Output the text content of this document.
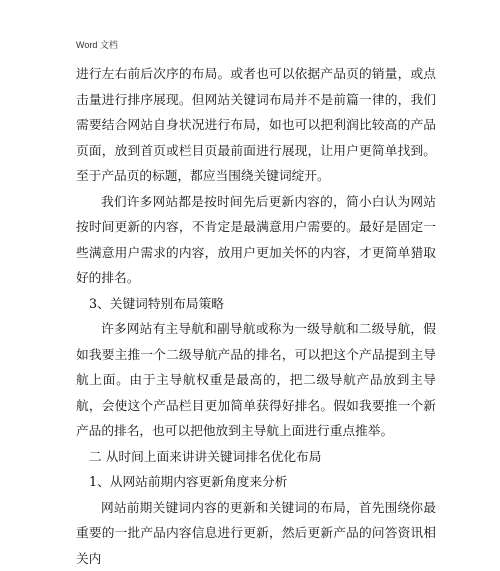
Word 文档

进行左右前后次序的布局。或者也可以依据产品页的销量，或点击量进行排序展现。但网站关键词布局并不是前篇一律的，我们需要结合网站自身状况进行布局，如也可以把利润比较高的产品页面，放到首页或栏目页最前面进行展现，让用户更简单找到。至于产品页的标题，都应当围绕关键词绽开。

我们许多网站都是按时间先后更新内容的，简小白认为网站按时间更新的内容，不肯定是最满意用户需要的。最好是固定一些满意用户需求的内容，放用户更加关怀的内容，才更简单猎取好的排名。

3、关键词特别布局策略

许多网站有主导航和副导航或称为一级导航和二级导航，假如我要主推一个二级导航产品的排名，可以把这个产品提到主导航上面。由于主导航权重是最高的，把二级导航产品放到主导航，会使这个产品栏目更加简单获得好排名。假如我要推一个新产品的排名，也可以把他放到主导航上面进行重点推举。

二 从时间上面来讲讲关键词排名优化布局

1、从网站前期内容更新角度来分析

网站前期关键词内容的更新和关键词的布局，首先围绕你最重要的一批产品内容信息进行更新，然后更新产品的问答资讯相关内
